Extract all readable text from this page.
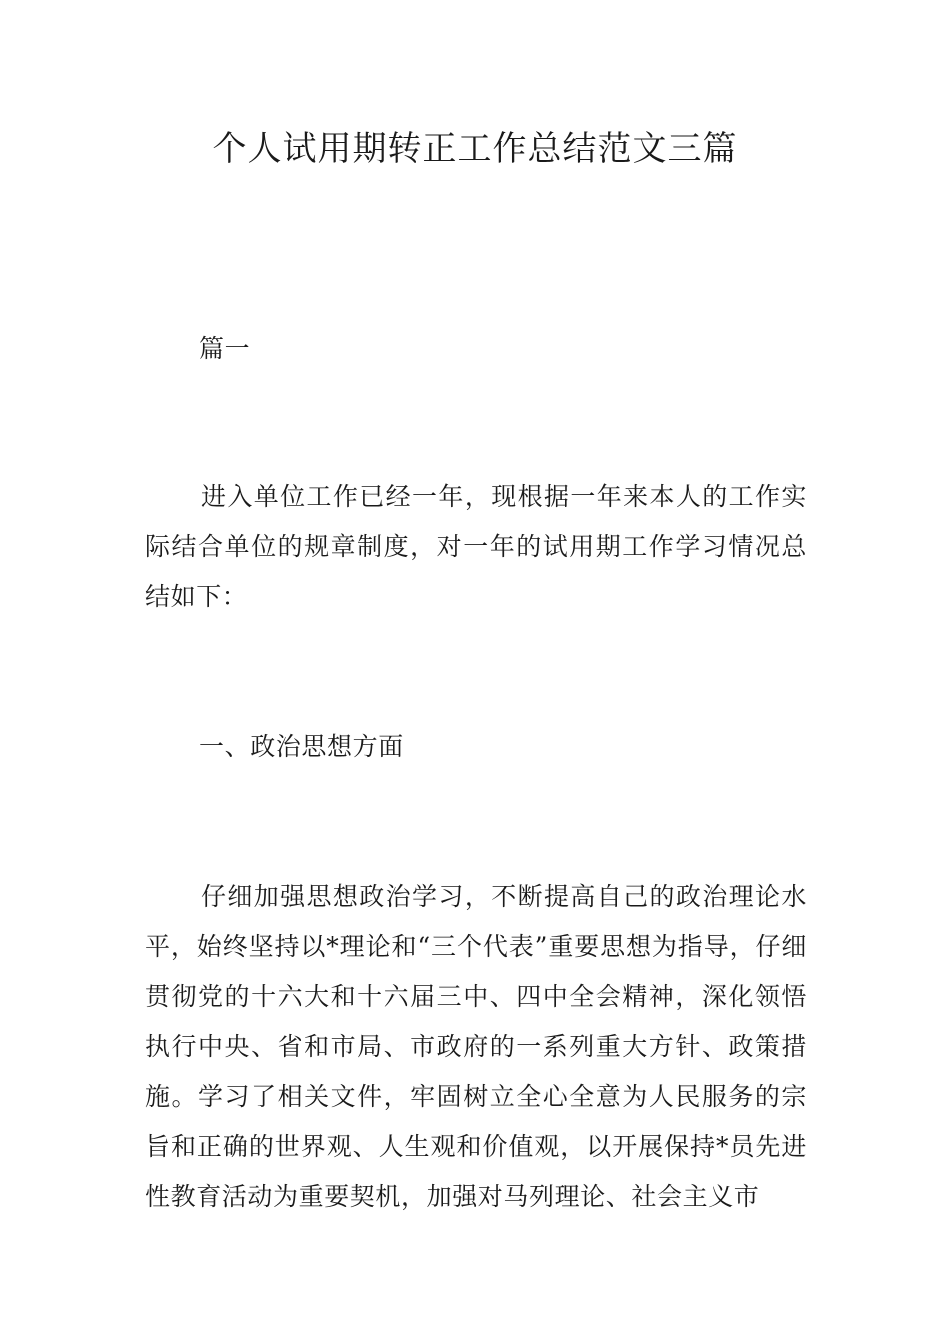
个人试用期转正工作总结范文三篇

篇一

进入单位工作已经一年，现根据一年来本人的工作实际结合单位的规章制度，对一年的试用期工作学习情况总结如下：

一、政治思想方面

仔细加强思想政治学习，不断提高自己的政治理论水平，始终坚持以*理论和“三个代表”重要思想为指导，仔细贯彻党的十六大和十六届三中、四中全会精神，深化领悟执行中央、省和市局、市政府的一系列重大方针、政策措施。学习了相关文件，牢固树立全心全意为人民服务的宗旨和正确的世界观、人生观和价值观，以开展保持*员先进性教育活动为重要契机，加强对马列理论、社会主义市
